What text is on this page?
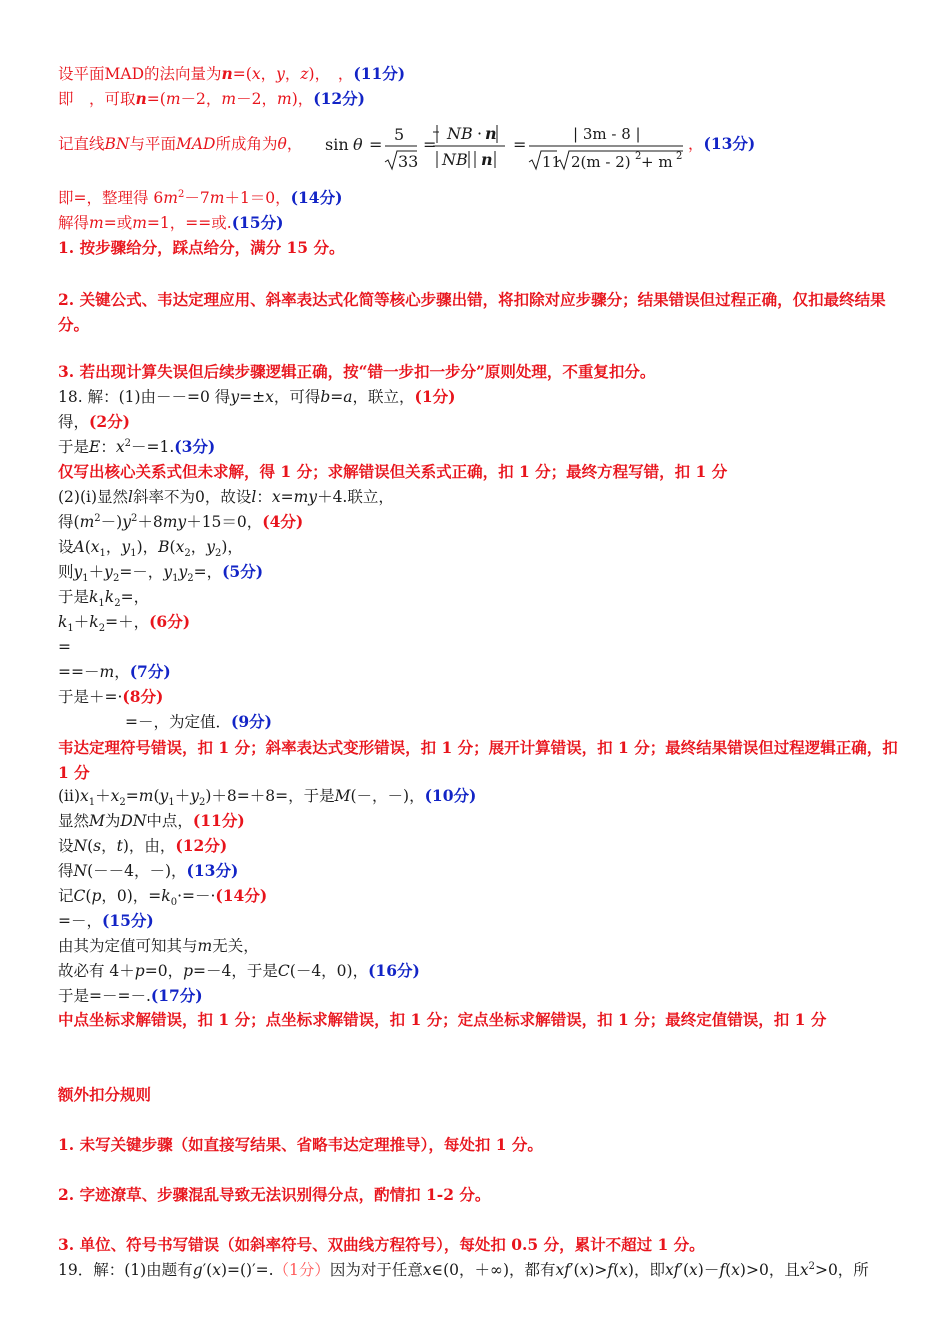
设平面MAD的法向量为n=(x，y，z)，　，(11分)
即　，可取n=(m－2，m－2，m)，(12分)
记直线BN与平面MAD所成角为θ， sin θ =
5
33
=
NB · n
NB n
=
| 3m - 8 |
11 2(m - 2) 2 + m 2
，(13分)
即=，整理得 $6m^2-7m+1=0$，(14分)
解得m=或m=1，==或.(15分)
1. 按步骤给分，踩点给分，满分 15 分。
2. 关键公式、韦达定理应用、斜率表达式化简等核心步骤出错，将扣除对应步骤分；结果错误但过程正确，仅扣最终结果分。
3. 若出现计算失误但后续步骤逻辑正确，按“错一步扣一步分”原则处理，不重复扣分。
18. 解：(1)由－－=0 得y=±x，可得b=a，联立，(1分)
得，(2分)
于是E：$x^2-=1.(3$分)
仅写出核心关系式但未求解，得 1 分；求解错误但关系式正确，扣 1 分；最终方程写错，扣 1 分
(2)(ⅰ)显然l斜率不为0，故设l：x=my＋4.联立，
得$(m^2-)y^2+8my+15=0$，(4分)
设$A(x_1$，$y_1$)，$B(x_2$，$y_2$)，
则$y_1+y_2=-$，$y_1y_2=$，(5分)
于是$k_1k_2=$，
$k_1+k_2=+$，(6分)
=
==－m，(7分)
于是＋=·(8分)
=－，为定值．(9分)
韦达定理符号错误，扣 1 分；斜率表达式变形错误，扣 1 分；展开计算错误，扣 1 分；最终结果错误但过程逻辑正确，扣 1 分
$(ⅱ)x_1+x_2=m(y_1+y_2)+8=+8=$，于是M(－，－)，(10分)
显然M为DN中点，(11分)
设N(s，t)，由，(12分)
得N(－－4，－)，(13分)
记C(p，0)，$=k_0\cdot=-\cdot(14$分)
=－，(15分)
由其为定值可知其与m无关，
故必有 4＋p=0，p=－4，于是C(－4，0)，(16分)
于是=－=－.(17分)
中点坐标求解错误，扣 1 分；点坐标求解错误，扣 1 分；定点坐标求解错误，扣 1 分；最终定值错误，扣 1 分
额外扣分规则
1. 未写关键步骤（如直接写结果、省略韦达定理推导），每处扣 1 分。
2. 字迹潦草、步骤混乱导致无法识别得分点，酌情扣 1-2 分。
3. 单位、符号书写错误（如斜率符号、双曲线方程符号），每处扣 0.5 分，累计不超过 1 分。
19．解：(1)由题有g′(x)=()′=.（1分）因为对于任意x∈(0，＋∞)，都有xf′(x)>f(x)，即xf′(x)－f(x)>0，且$x^2>0$，所
